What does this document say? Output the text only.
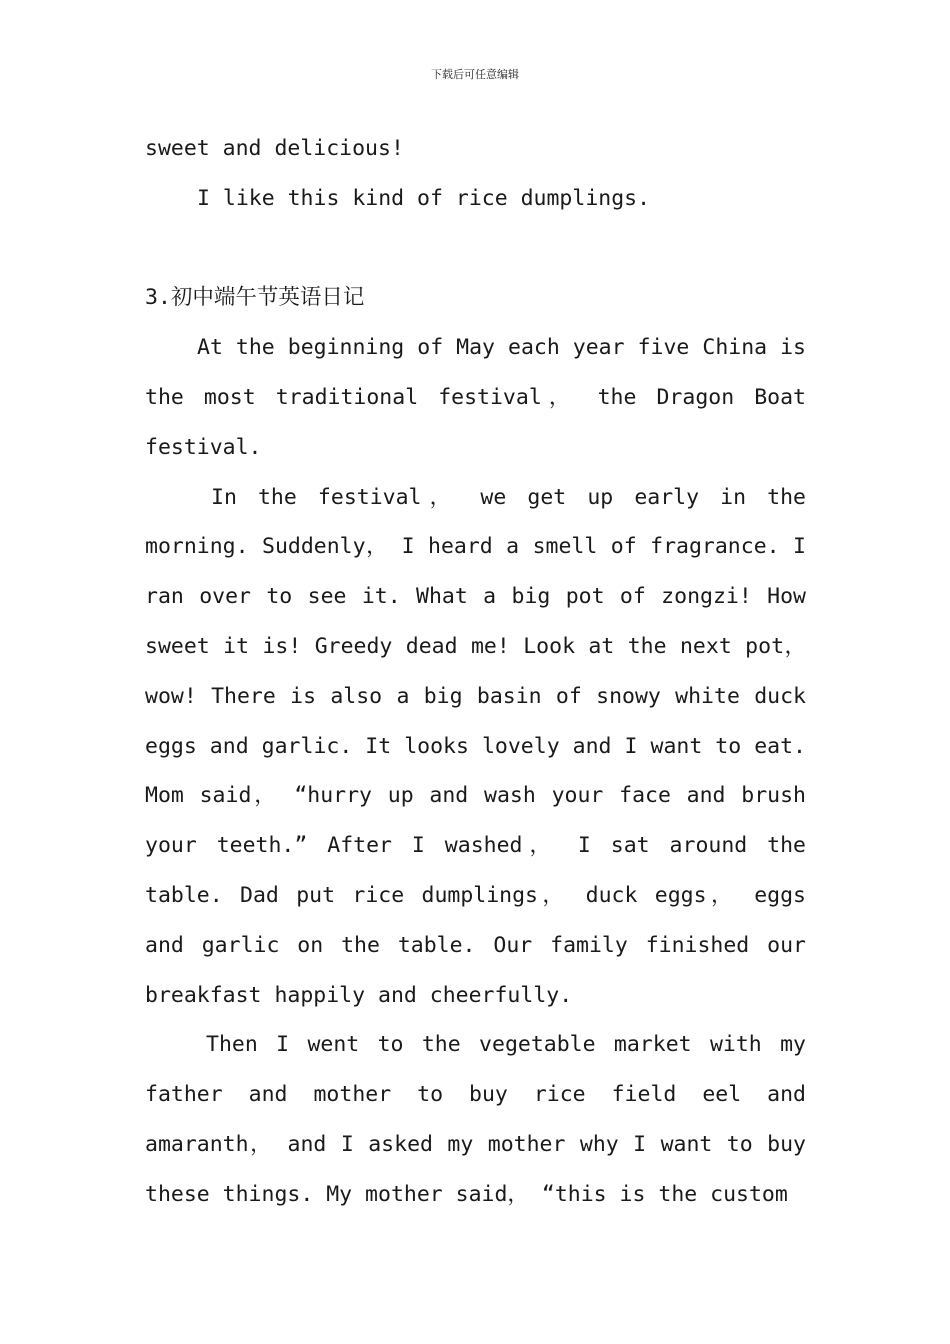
下载后可任意编辑

sweet and delicious!

I like this kind of rice dumplings.

3.初中端午节英语日记

At the beginning of May each year five China is the most traditional festival， the Dragon Boat festival.

In the festival， we get up early in the morning. Suddenly， I heard a smell of fragrance. I ran over to see it. What a big pot of zongzi! How sweet it is! Greedy dead me! Look at the next pot， wow! There is also a big basin of snowy white duck eggs and garlic. It looks lovely and I want to eat. Mom said， “hurry up and wash your face and brush your teeth.” After I washed， I sat around the table. Dad put rice dumplings， duck eggs， eggs and garlic on the table. Our family finished our breakfast happily and cheerfully.

Then I went to the vegetable market with my father and mother to buy rice field eel and amaranth， and I asked my mother why I want to buy these things. My mother said， “this is the custom
